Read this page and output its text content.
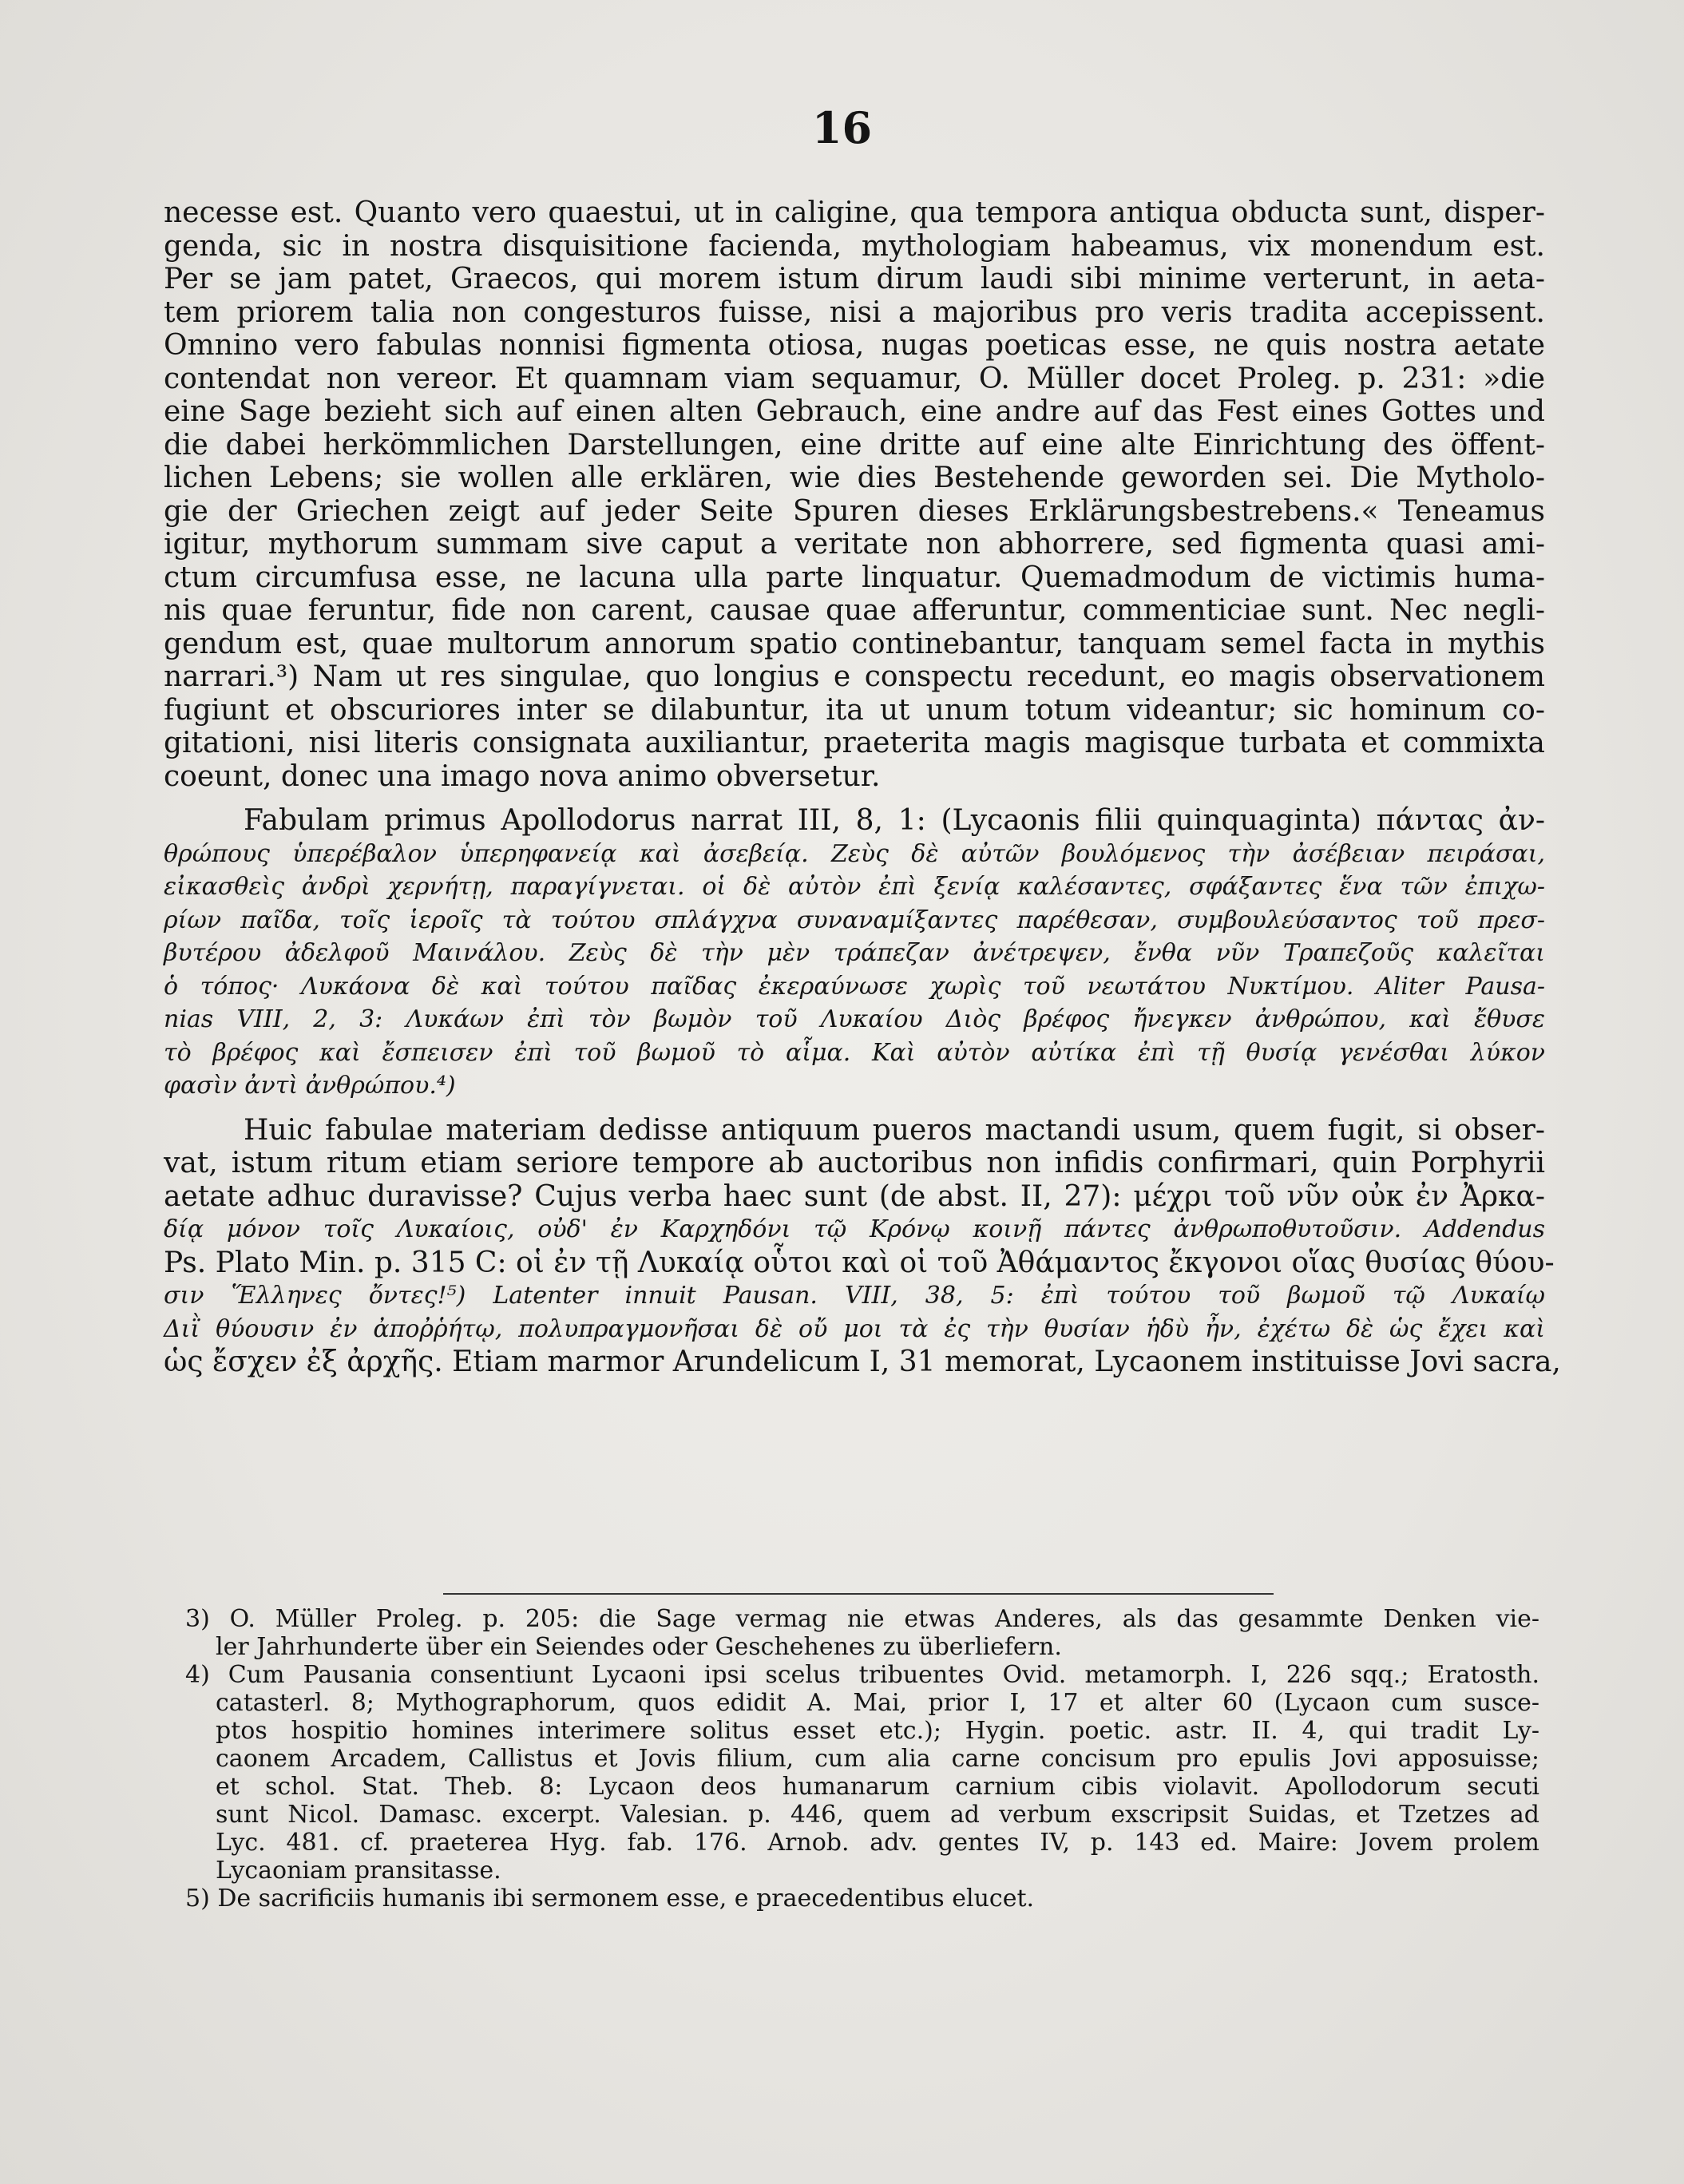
16
necesse est. Quanto vero quaestui, ut in caligine, qua tempora antiqua obducta sunt, disper-
genda, sic in nostra disquisitione facienda, mythologiam habeamus, vix monendum est.
Per se jam patet, Graecos, qui morem istum dirum laudi sibi minime verterunt, in aeta-
tem priorem talia non congesturos fuisse, nisi a majoribus pro veris tradita accepissent.
Omnino vero fabulas nonnisi figmenta otiosa, nugas poeticas esse, ne quis nostra aetate
contendat non vereor. Et quamnam viam sequamur, O. Müller docet Proleg. p. 231: »die
eine Sage bezieht sich auf einen alten Gebrauch, eine andre auf das Fest eines Gottes und
die dabei herkömmlichen Darstellungen, eine dritte auf eine alte Einrichtung des öffent-
lichen Lebens; sie wollen alle erklären, wie dies Bestehende geworden sei. Die Mytholo-
gie der Griechen zeigt auf jeder Seite Spuren dieses Erklärungsbestrebens.« Teneamus
igitur, mythorum summam sive caput a veritate non abhorrere, sed figmenta quasi ami-
ctum circumfusa esse, ne lacuna ulla parte linquatur. Quemadmodum de victimis huma-
nis quae feruntur, fide non carent, causae quae afferuntur, commenticiae sunt. Nec negli-
gendum est, quae multorum annorum spatio continebantur, tanquam semel facta in mythis
narrari.³) Nam ut res singulae, quo longius e conspectu recedunt, eo magis observationem
fugiunt et obscuriores inter se dilabuntur, ita ut unum totum videantur; sic hominum co-
gitationi, nisi literis consignata auxiliantur, praeterita magis magisque turbata et commixta
coeunt, donec una imago nova animo obversetur.
Fabulam primus Apollodorus narrat III, 8, 1: (Lycaonis filii quinquaginta) πάντας ἀν-
θρώπους ὑπερέβαλον ὑπερηφανείᾳ καὶ ἀσεβείᾳ. Ζεὺς δὲ αὐτῶν βουλόμενος τὴν ἀσέβειαν πειράσαι,
εἰκασθεὶς ἀνδρὶ χερνήτῃ, παραγίγνεται. οἱ δὲ αὐτὸν ἐπὶ ξενίᾳ καλέσαντες, σφάξαντες ἕνα τῶν ἐπιχω-
ρίων παῖδα, τοῖς ἱεροῖς τὰ τούτου σπλάγχνα συναναμίξαντες παρέθεσαν, συμβουλεύσαντος τοῦ πρεσ-
βυτέρου ἀδελφοῦ Μαινάλου. Ζεὺς δὲ τὴν μὲν τράπεζαν ἀνέτρεψεν, ἔνθα νῦν Τραπεζοῦς καλεῖται
ὁ τόπος· Λυκάονα δὲ καὶ τούτου παῖδας ἐκεραύνωσε χωρὶς τοῦ νεωτάτου Νυκτίμου. Aliter Pausa-
nias VIII, 2, 3: Λυκάων ἐπὶ τὸν βωμὸν τοῦ Λυκαίου Διὸς βρέφος ἤνεγκεν ἀνθρώπου, καὶ ἔθυσε
τὸ βρέφος καὶ ἔσπεισεν ἐπὶ τοῦ βωμοῦ τὸ αἷμα. Καὶ αὐτὸν αὐτίκα ἐπὶ τῇ θυσίᾳ γενέσθαι λύκον
φασὶν ἀντὶ ἀνθρώπου.⁴)
Huic fabulae materiam dedisse antiquum pueros mactandi usum, quem fugit, si obser-
vat, istum ritum etiam seriore tempore ab auctoribus non infidis confirmari, quin Porphyrii
aetate adhuc duravisse? Cujus verba haec sunt (de abst. II, 27): μέχρι τοῦ νῦν οὐκ ἐν Ἀρκα-
δίᾳ μόνον τοῖς Λυκαίοις, οὐδ' ἐν Καρχηδόνι τῷ Κρόνῳ κοινῇ πάντες ἀνθρωποθυτοῦσιν. Addendus
Ps. Plato Min. p. 315 C: οἱ ἐν τῇ Λυκαίᾳ οὗτοι καὶ οἱ τοῦ Ἀθάμαντος ἔκγονοι οἵας θυσίας θύου-
σιν Ἕλληνες ὄντες!⁵) Latenter innuit Pausan. VIII, 38, 5: ἐπὶ τούτου τοῦ βωμοῦ τῷ Λυκαίῳ
Διῒ θύουσιν ἐν ἀποῤῥήτῳ, πολυπραγμονῆσαι δὲ οὔ μοι τὰ ἐς τὴν θυσίαν ἡδὺ ἦν, ἐχέτω δὲ ὡς ἔχει καὶ
ὡς ἔσχεν ἐξ ἀρχῆς. Etiam marmor Arundelicum I, 31 memorat, Lycaonem instituisse Jovi sacra,
3) O. Müller Proleg. p. 205: die Sage vermag nie etwas Anderes, als das gesammte Denken vie-
ler Jahrhunderte über ein Seiendes oder Geschehenes zu überliefern.
4) Cum Pausania consentiunt Lycaoni ipsi scelus tribuentes Ovid. metamorph. I, 226 sqq.; Eratosth.
catasterl. 8; Mythographorum, quos edidit A. Mai, prior I, 17 et alter 60 (Lycaon cum susce-
ptos hospitio homines interimere solitus esset etc.); Hygin. poetic. astr. II. 4, qui tradit Ly-
caonem Arcadem, Callistus et Jovis filium, cum alia carne concisum pro epulis Jovi apposuisse;
et schol. Stat. Theb. 8: Lycaon deos humanarum carnium cibis violavit. Apollodorum secuti
sunt Nicol. Damasc. excerpt. Valesian. p. 446, quem ad verbum exscripsit Suidas, et Tzetzes ad
Lyc. 481. cf. praeterea Hyg. fab. 176. Arnob. adv. gentes IV, p. 143 ed. Maire: Jovem prolem
Lycaoniam pransitasse.
5) De sacrificiis humanis ibi sermonem esse, e praecedentibus elucet.
